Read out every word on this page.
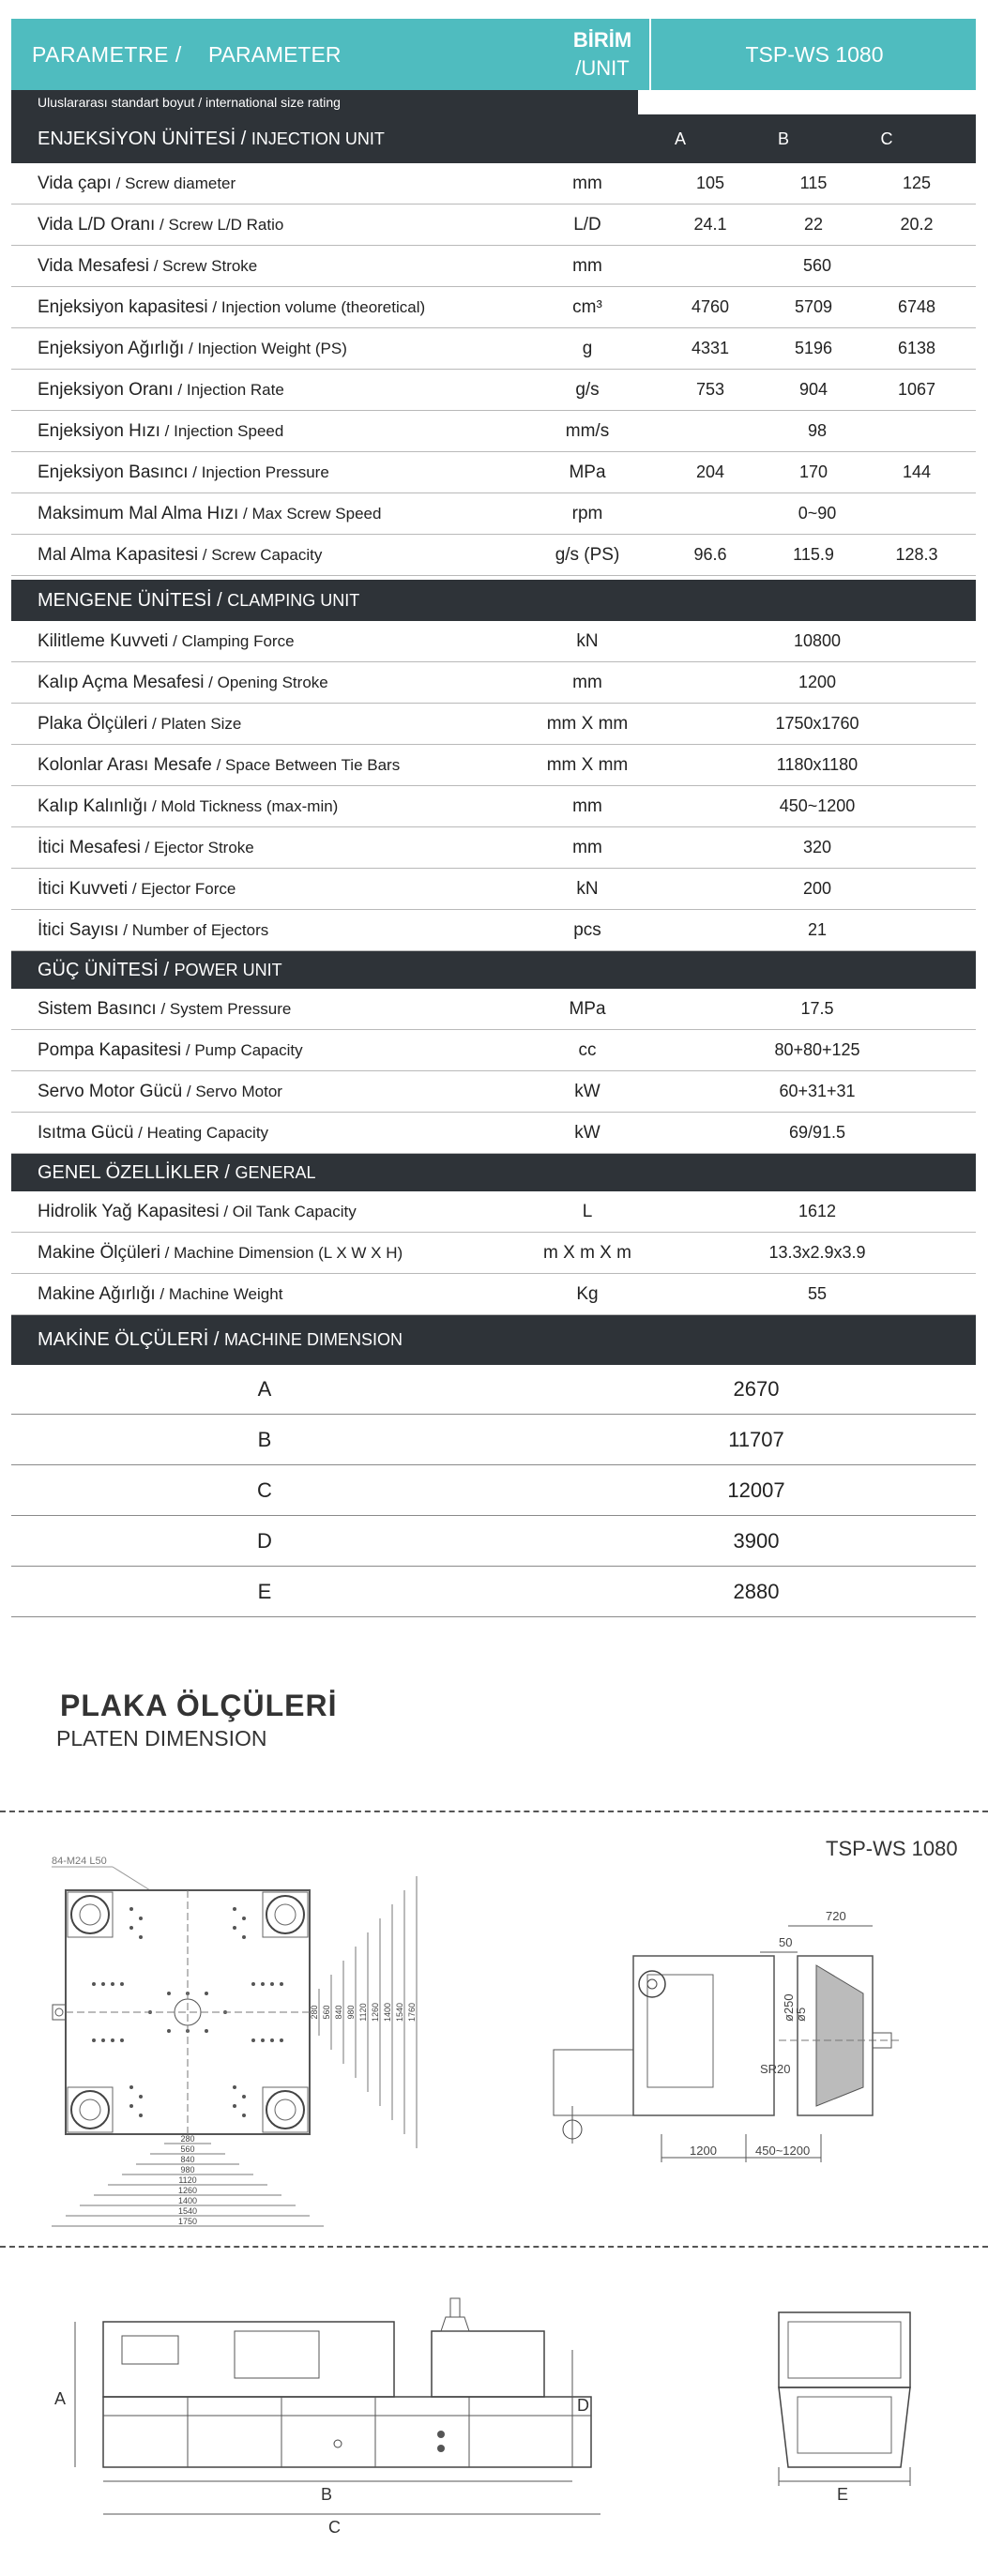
PARAMETRE / PARAMETER
BİRİM
/UNIT
TSP-WS 1080
Uluslararası standart boyut / international size rating
ENJEKSİYON ÜNİTESİ / INJECTION UNIT	A	B	C
Vida çapı / Screw diameter	mm	105	115	125
Vida L/D Oranı / Screw L/D Ratio	L/D	24.1	22	20.2
Vida Mesafesi / Screw Stroke	mm	560
Enjeksiyon kapasitesi / Injection volume (theoretical)	cm³	4760	5709	6748
Enjeksiyon Ağırlığı / Injection Weight (PS)	g	4331	5196	6138
Enjeksiyon Oranı / Injection Rate	g/s	753	904	1067
Enjeksiyon Hızı / Injection Speed	mm/s	98
Enjeksiyon Basıncı / Injection Pressure	MPa	204	170	144
Maksimum Mal Alma Hızı / Max Screw Speed	rpm	0~90
Mal Alma Kapasitesi / Screw Capacity	g/s (PS)	96.6	115.9	128.3
MENGENE ÜNİTESİ / CLAMPING UNIT
Kilitleme Kuvveti / Clamping Force	kN	10800
Kalıp Açma Mesafesi / Opening Stroke	mm	1200
Plaka Ölçüleri / Platen Size	mm X mm	1750x1760
Kolonlar Arası Mesafe / Space Between Tie Bars	mm X mm	1180x1180
Kalıp Kalınlığı / Mold Tickness (max-min)	mm	450~1200
İtici Mesafesi / Ejector Stroke	mm	320
İtici Kuvveti / Ejector Force	kN	200
İtici Sayısı / Number of Ejectors	pcs	21
GÜÇ ÜNİTESİ / POWER UNIT
Sistem Basıncı / System Pressure	MPa	17.5
Pompa Kapasitesi / Pump Capacity	cc	80+80+125
Servo Motor Gücü / Servo Motor	kW	60+31+31
Isıtma Gücü / Heating Capacity	kW	69/91.5
GENEL ÖZELLİKLER / GENERAL
Hidrolik Yağ Kapasitesi / Oil Tank Capacity	L	1612
Makine Ölçüleri / Machine Dimension (L X W X H)	m X m X m	13.3x2.9x3.9
Makine Ağırlığı / Machine Weight	Kg	55
MAKİNE ÖLÇÜLERİ / MACHINE DIMENSION
A	2670
B	11707
C	12007
D	3900
E	2880
PLAKA ÖLÇÜLERİ
PLATEN DIMENSION
TSP-WS 1080
84-M24 L50
280
560
840
980
1120
1260
1400
1540
1750
280 560 840 980 1120 1260 1400 1540 1760
720
50
ø250
ø5
SR20
1200	450~1200
A	D
B
C
E
